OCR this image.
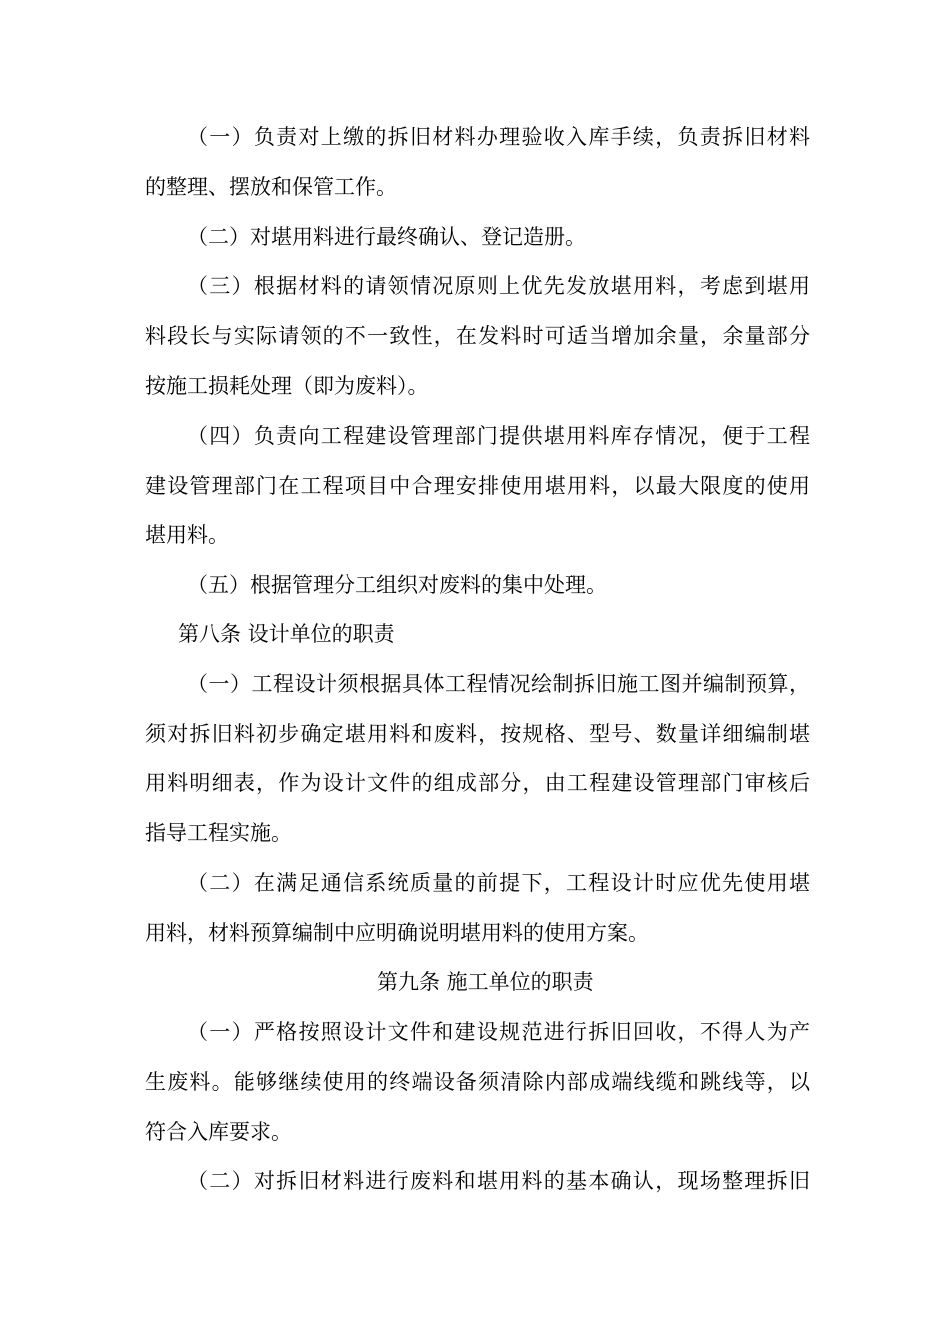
（一）负责对上缴的拆旧材料办理验收入库手续，负责拆旧材料
的整理、摆放和保管工作。
（二）对堪用料进行最终确认、登记造册。
（三）根据材料的请领情况原则上优先发放堪用料，考虑到堪用
料段长与实际请领的不一致性，在发料时可适当增加余量，余量部分
按施工损耗处理（即为废料）。
（四）负责向工程建设管理部门提供堪用料库存情况，便于工程
建设管理部门在工程项目中合理安排使用堪用料，以最大限度的使用
堪用料。
（五）根据管理分工组织对废料的集中处理。
第八条 设计单位的职责
（一）工程设计须根据具体工程情况绘制拆旧施工图并编制预算，
须对拆旧料初步确定堪用料和废料，按规格、型号、数量详细编制堪
用料明细表，作为设计文件的组成部分，由工程建设管理部门审核后
指导工程实施。
（二）在满足通信系统质量的前提下，工程设计时应优先使用堪
用料，材料预算编制中应明确说明堪用料的使用方案。
第九条 施工单位的职责
（一）严格按照设计文件和建设规范进行拆旧回收，不得人为产
生废料。能够继续使用的终端设备须清除内部成端线缆和跳线等，以
符合入库要求。
（二）对拆旧材料进行废料和堪用料的基本确认，现场整理拆旧
